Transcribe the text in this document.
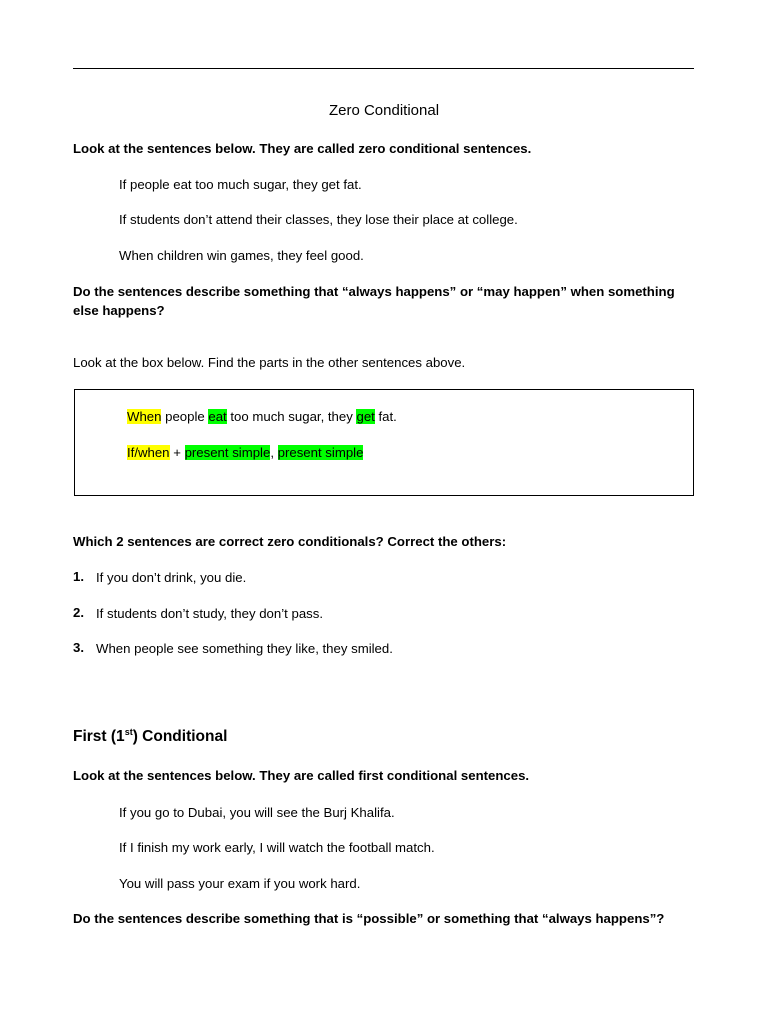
Zero Conditional
Look at the sentences below. They are called zero conditional sentences.
If people eat too much sugar, they get fat.
If students don’t attend their classes, they lose their place at college.
When children win games, they feel good.
Do the sentences describe something that “always happens” or “may happen” when something else happens?
Look at the box below. Find the parts in the other sentences above.
When people eat too much sugar, they get fat.
If/when + present simple, present simple
Which 2 sentences are correct zero conditionals? Correct the others:
1. If you don’t drink, you die.
2. If students don’t study, they don’t pass.
3. When people see something they like, they smiled.
First (1st) Conditional
Look at the sentences below. They are called first conditional sentences.
If you go to Dubai, you will see the Burj Khalifa.
If I finish my work early, I will watch the football match.
You will pass your exam if you work hard.
Do the sentences describe something that is “possible” or something that “always happens”?
